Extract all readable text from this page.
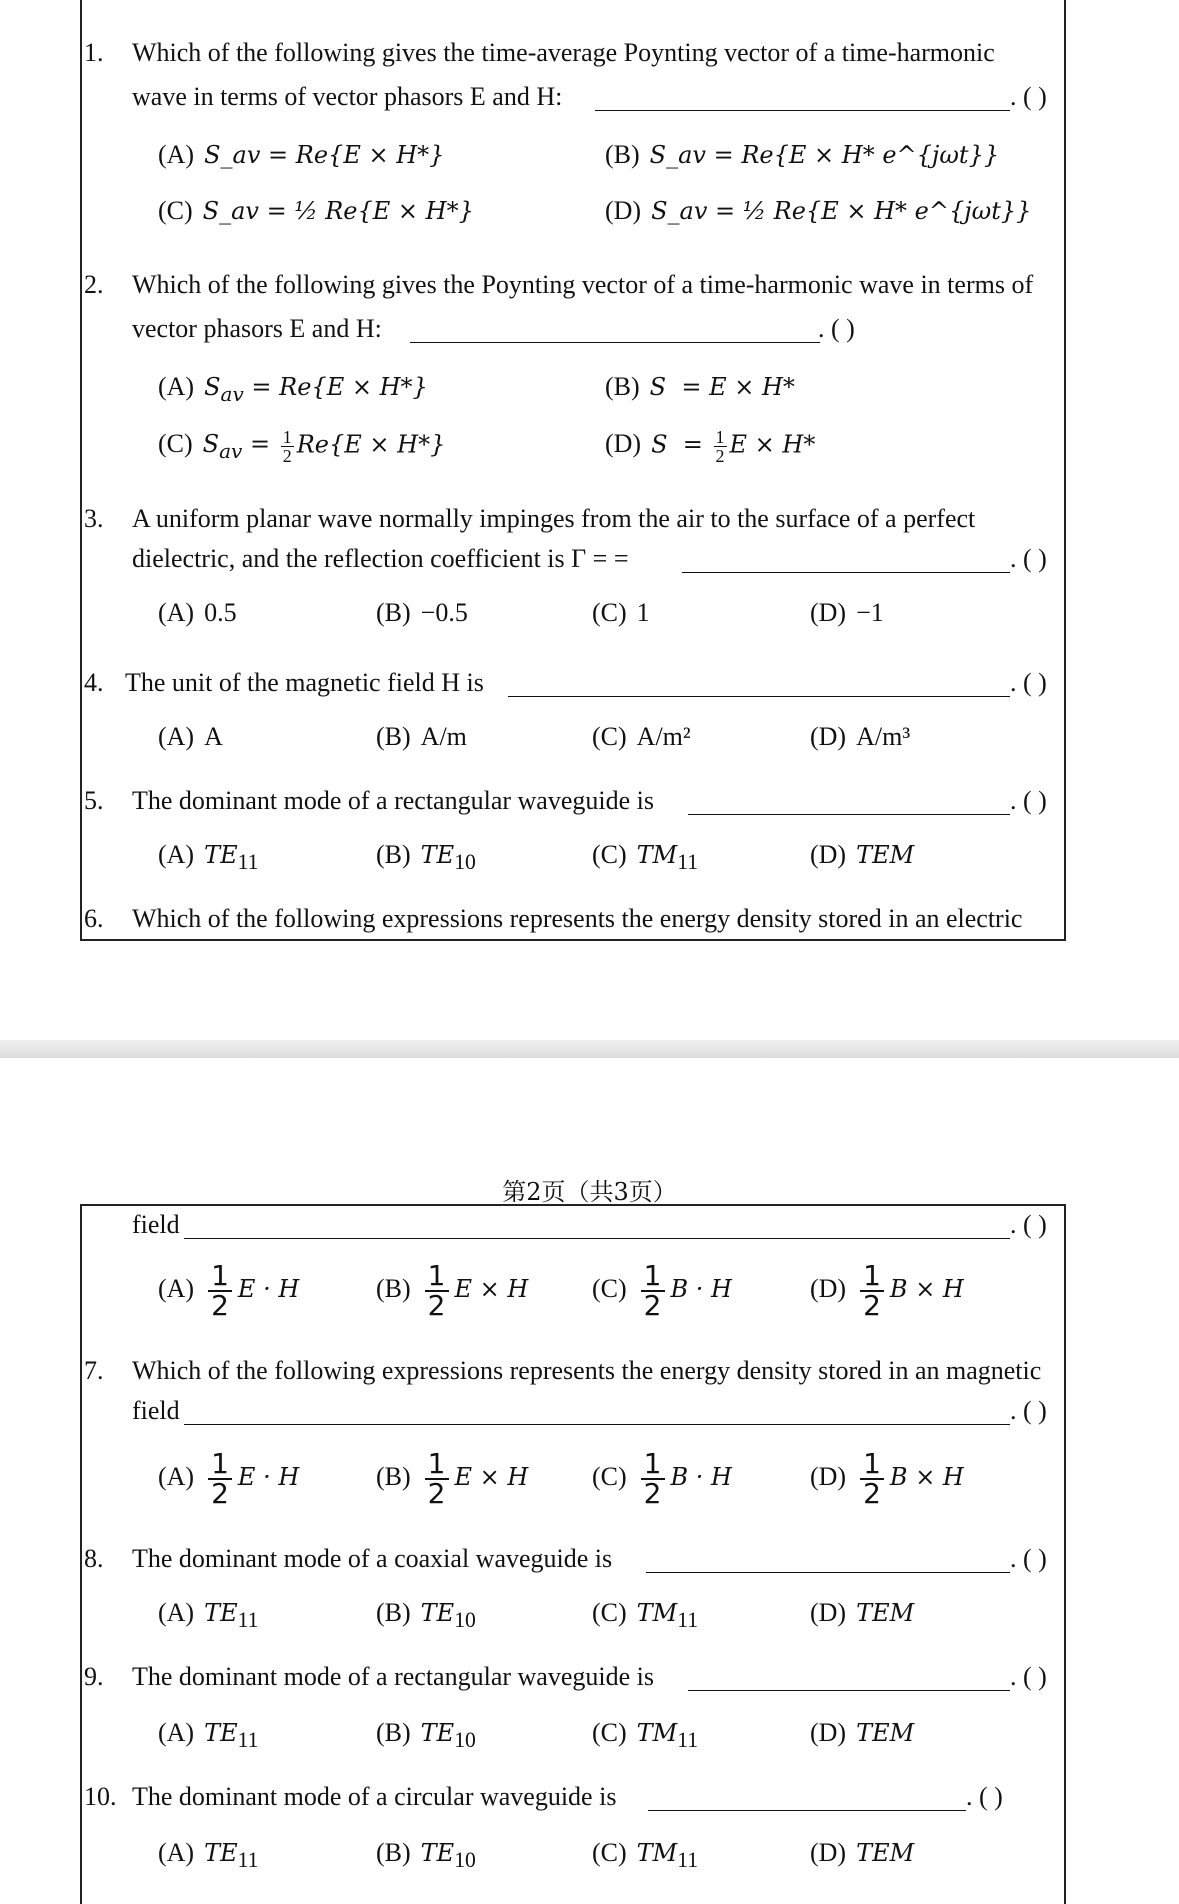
第2页（共3页）
1. Which of the following gives the time-average Poynting vector of a time-harmonic
wave in terms of vector phasors E and H:	. ( )
(A) S_av = Re{E × H*}	(B) S_av = Re{E × H* e^{jωt}}
(C) S_av = ½ Re{E × H*}	(D) S_av = ½ Re{E × H* e^{jωt}}
2. Which of the following gives the Poynting vector of a time-harmonic wave in terms of
vector phasors E and H:	. ( )
(A) $S_{av} = Re\{E \times H*\}$	(B) S  = E × H*
(C) $S_{av} = \frac{1}{2} Re\{E \times H*\}$	(D) $S = \frac{1}{2}$ E × H*
3. A uniform planar wave normally impinges from the air to the surface of a perfect
dielectric, and the reflection coefficient is Γ = =	. ( )
(A) 0.5	(B) −0.5	(C) 1	(D) −1
4. The unit of the magnetic field H is	. ( )
(A) A	(B) A/m	(C) A/m²	(D) A/m³
5. The dominant mode of a rectangular waveguide is	. ( )
(A) $TE_{11}$	(B) $TE_{10}$	(C) $TM_{11}$	(D) TEM
6. Which of the following expressions represents the energy density stored in an electric
field	. ( )
$(A) \frac{1}{2}$ E · H	$(B) \frac{1}{2}$ E × H $(C) \frac{1}{2}$ B · H	$(D) \frac{1}{2}$ B × H
7. Which of the following expressions represents the energy density stored in an magnetic
field	. ( )
$(A) \frac{1}{2}$ E · H	$(B) \frac{1}{2}$ E × H $(C) \frac{1}{2}$ B · H	$(D) \frac{1}{2}$ B × H
8. The dominant mode of a coaxial waveguide is	. ( )
(A) $TE_{11}$	(B) $TE_{10}$	(C) $TM_{11}$	(D) TEM
9. The dominant mode of a rectangular waveguide is	. ( )
(A) $TE_{11}$	(B) $TE_{10}$	(C) $TM_{11}$	(D) TEM
10. The dominant mode of a circular waveguide is	. ( )
(A) $TE_{11}$	(B) $TE_{10}$	(C) $TM_{11}$	(D) TEM
